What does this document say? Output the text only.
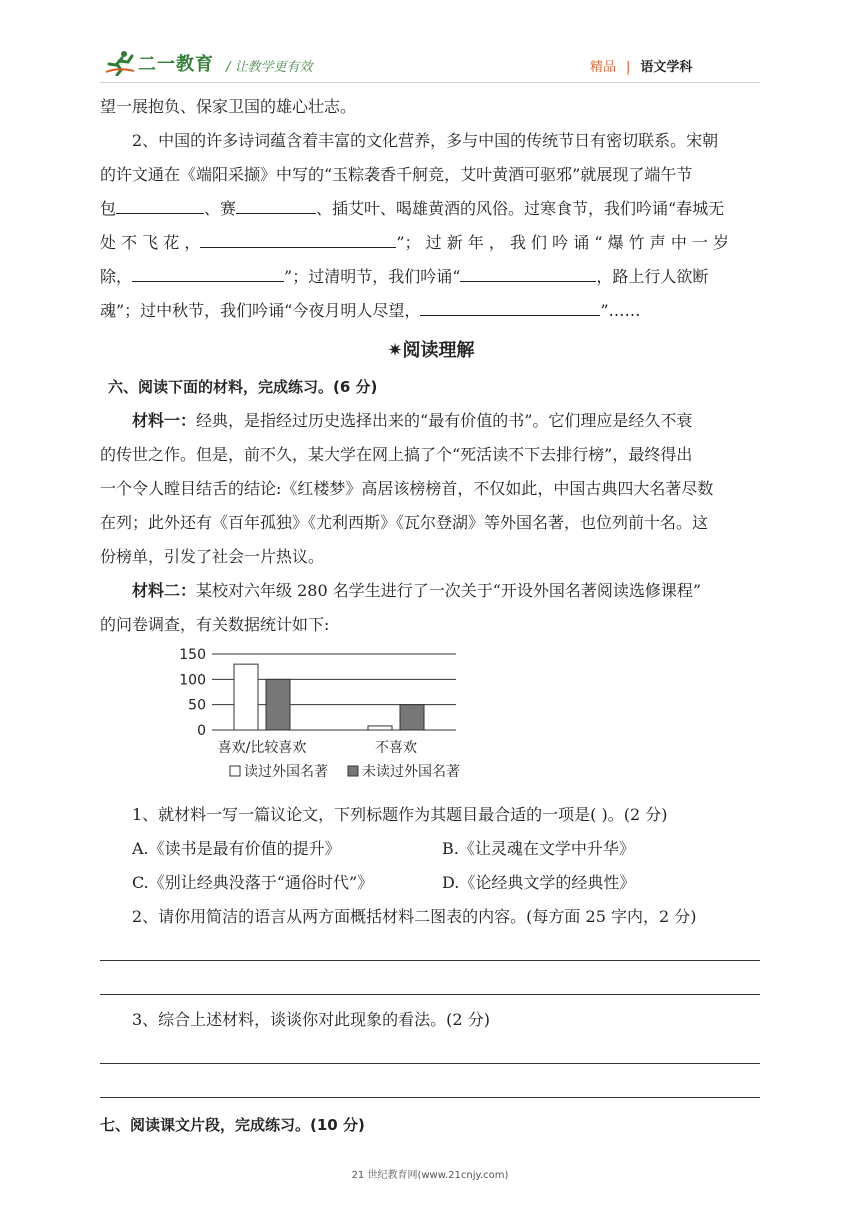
二一教育 / 让教学更有效	精品 | 语文学科

望一展抱负、保家卫国的雄心壮志。

2、中国的许多诗词蕴含着丰富的文化营养，多与中国的传统节日有密切联系。宋朝

的许文通在《端阳采撷》中写的“玉粽袭香千舸竞，艾叶黄酒可驱邪”就展现了端午节

包	、赛	、插艾叶、喝雄黄酒的风俗。过寒食节，我们吟诵“春城无

处 不 飞 花 ，	”； 过 新 年 ， 我 们 吟 诵 “ 爆 竹 声 中 一 岁

除，	”；过清明节，我们吟诵“	，路上行人欲断

魂”；过中秋节，我们吟诵“今夜月明人尽望，	”……

✷阅读理解
六、阅读下面的材料，完成练习。(6 分)

材料一：经典，是指经过历史选择出来的“最有价值的书”。它们理应是经久不衰

的传世之作。但是，前不久，某大学在网上搞了个“死活读不下去排行榜”，最终得出

一个令人瞠目结舌的结论:《红楼梦》高居该榜榜首，不仅如此，中国古典四大名著尽数

在列；此外还有《百年孤独》《尤利西斯》《瓦尔登湖》等外国名著，也位列前十名。这

份榜单，引发了社会一片热议。

材料二：某校对六年级 280 名学生进行了一次关于“开设外国名著阅读选修课程”

的问卷调查，有关数据统计如下:

0
50
100
150
喜欢/比较喜欢	不喜欢
读过外国名著 未读过外国名著

1、就材料一写一篇议论文，下列标题作为其题目最合适的一项是( )。(2 分)

A.《读书是最有价值的提升》	B.《让灵魂在文学中升华》
C.《别让经典没落于“通俗时代”》	D.《论经典文学的经典性》

2、请你用简洁的语言从两方面概括材料二图表的内容。(每方面 25 字内，2 分)

3、综合上述材料，谈谈你对此现象的看法。(2 分)

七、阅读课文片段，完成练习。(10 分)
21 世纪教育网(www.21cnjy.com)
